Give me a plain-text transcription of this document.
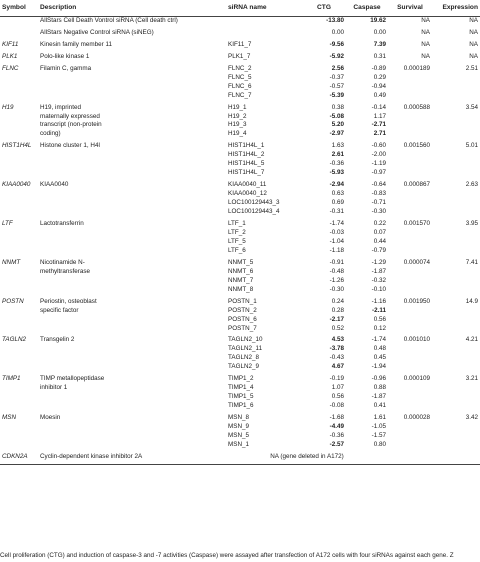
Symbol	Description	siRNA name	CTG	Caspase	Survival	Expression
	AllStars Cell Death Vontrol siRNA (Cell death ctrl)		-13.80	19.62	NA	NA
	AllStars Negative Control siRNA (siNEG)		0.00	0.00	NA	NA
KIF11	Kinesin family member 11	KIF11_7	-9.56	7.39	NA	NA
PLK1	Polo-like kinase 1	PLK1_7	-5.92	0.31	NA	NA
FLNC	Filamin C, gamma	FLNC_2	2.56	-0.89	0.000189	2.51
		FLNC_5	-0.37	0.29		
		FLNC_6	-0.57	-0.94		
		FLNC_7	-5.39	0.49		
H19	H19, imprinted	H19_1	0.38	-0.14	0.000588	3.54
	maternally expressed	H19_2	-5.08	1.17		
	transcript (non-protein	H19_3	5.20	-2.71		
	coding)	H19_4	-2.97	2.71		
HIST1H4L	Histone cluster 1, H4l	HIST1H4L_1	1.63	-0.60	0.001560	5.01
		HIST1H4L_2	2.61	-2.00		
		HIST1H4L_5	-0.36	-1.19		
		HIST1H4L_7	-5.93	-0.97		
KIAA0040	KIAA0040	KIAA0040_11	-2.94	-0.64	0.000867	2.63
		KIAA0040_12	0.63	-0.83		
		LOC100129443_3	0.69	-0.71		
		LOC100129443_4	-0.31	-0.30		
LTF	Lactotransferrin	LTF_1	-1.74	0.22	0.001570	3.95
		LTF_2	-0.03	0.07		
		LTF_5	-1.04	0.44		
		LTF_6	-1.18	-0.79		
NNMT	Nicotinamide N-	NNMT_5	-0.91	-1.29	0.000074	7.41
	methyltransferase	NNMT_6	-0.48	-1.87		
		NNMT_7	-1.26	-0.32		
		NNMT_8	-0.30	-0.10		
POSTN	Periostin, osteoblast	POSTN_1	0.24	-1.16	0.001950	14.9
	specific factor	POSTN_2	0.28	-2.11		
		POSTN_6	-2.17	0.56		
		POSTN_7	0.52	0.12		
TAGLN2	Transgelin 2	TAGLN2_10	4.53	-1.74	0.001010	4.21
		TAGLN2_11	-3.78	0.48		
		TAGLN2_8	-0.43	0.45		
		TAGLN2_9	4.67	-1.94		
TIMP1	TIMP metallopeptidase	TIMP1_2	-0.19	-0.96	0.000109	3.21
	inhibitor 1	TIMP1_4	1.07	0.88		
		TIMP1_5	0.56	-1.87		
		TIMP1_6	-0.08	0.41		
MSN	Moesin	MSN_8	-1.68	1.61	0.000028	3.42
		MSN_9	-4.49	-1.05		
		MSN_5	-0.36	-1.57		
		MSN_1	-2.57	0.80		
CDKN2A	Cyclin-dependent kinase inhibitor 2A	NA (gene deleted in A172)				
Cell proliferation (CTG) and induction of caspase-3 and -7 activities (Caspase) were assayed after transfection of A172 cells with four siRNAs against each gene. Z
